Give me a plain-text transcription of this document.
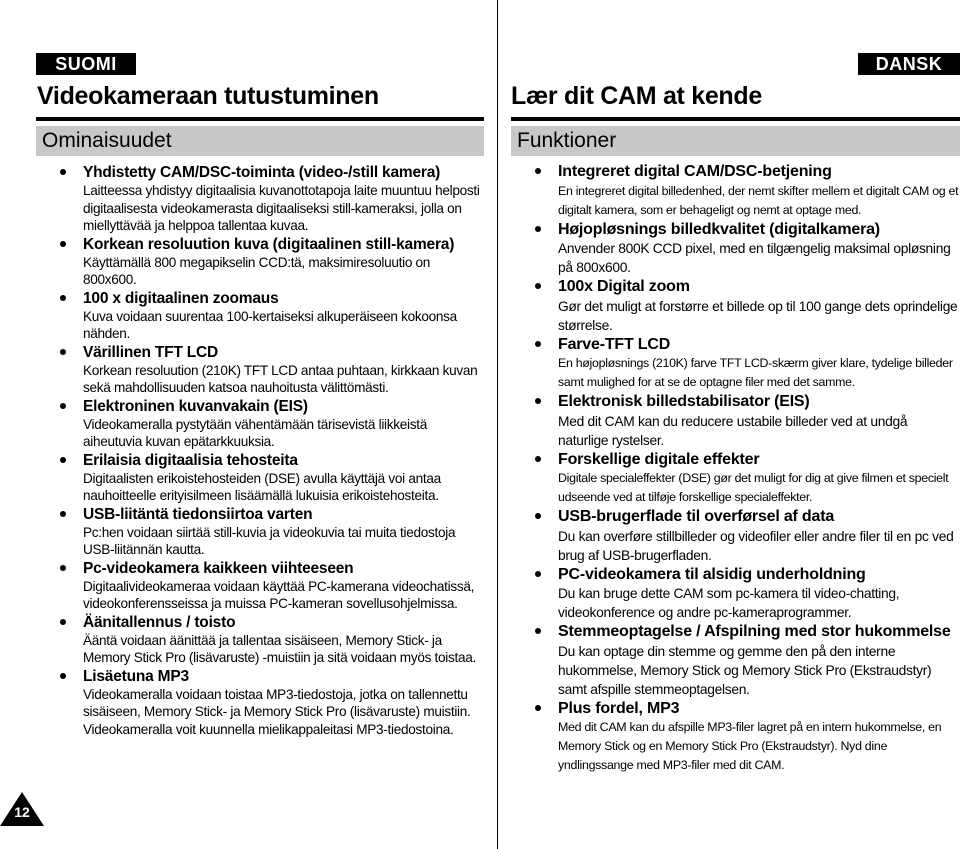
SUOMI
Videokameraan tutustuminen
Ominaisuudet
Yhdistetty CAM/DSC-toiminta (video-/still kamera)
Laitteessa yhdistyy digitaalisia kuvanottotapoja laite muuntuu helposti digitaalisesta videokamerasta digitaaliseksi still-kameraksi, jolla on miellyttävää ja helppoa tallentaa kuvaa.
Korkean resoluution kuva (digitaalinen still-kamera)
Käyttämällä 800 megapikselin CCD:tä, maksimiresoluutio on 800x600.
100 x digitaalinen zoomaus
Kuva voidaan suurentaa 100-kertaiseksi alkuperäiseen kokoonsa nähden.
Värillinen TFT LCD
Korkean resoluution (210K) TFT LCD antaa puhtaan, kirkkaan kuvan sekä mahdollisuuden katsoa nauhoitusta välittömästi.
Elektroninen kuvanvakain (EIS)
Videokameralla pystytään vähentämään tärisevistä liikkeistä aiheutuvia kuvan epätarkkuuksia.
Erilaisia digitaalisia tehosteita
Digitaalisten erikoistehosteiden (DSE) avulla käyttäjä voi antaa nauhoitteelle erityisilmeen lisäämällä lukuisia erikoistehosteita.
USB-liitäntä tiedonsiirtoa varten
Pc:hen voidaan siirtää still-kuvia ja videokuvia tai muita tiedostoja USB-liitännän kautta.
Pc-videokamera kaikkeen viihteeseen
Digitaalivideokameraa voidaan käyttää PC-kamerana videochatissä, videokonferensseissa ja muissa PC-kameran sovellusohjelmissa.
Äänitallennus / toisto
Ääntä voidaan äänittää ja tallentaa sisäiseen, Memory Stick- ja Memory Stick Pro (lisävaruste) -muistiin ja sitä voidaan myös toistaa.
Lisäetuna MP3
Videokameralla voidaan toistaa MP3-tiedostoja, jotka on tallennettu sisäiseen, Memory Stick- ja Memory Stick Pro (lisävaruste) muistiin.
Videokameralla voit kuunnella mielikappaleitasi MP3-tiedostoina.
DANSK
Lær dit CAM at kende
Funktioner
Integreret digital CAM/DSC-betjening
En integreret digital billedenhed, der nemt skifter mellem et digitalt CAM og et digitalt kamera, som er behageligt og nemt at optage med.
Højopløsnings billedkvalitet (digitalkamera)
Anvender 800K CCD pixel, med en tilgængelig maksimal opløsning på 800x600.
100x Digital zoom
Gør det muligt at forstørre et billede op til 100 gange dets oprindelige størrelse.
Farve-TFT LCD
En højopløsnings (210K) farve TFT LCD-skærm giver klare, tydelige billeder samt mulighed for at se de optagne filer med det samme.
Elektronisk billedstabilisator (EIS)
Med dit CAM kan du reducere ustabile billeder ved at undgå naturlige rystelser.
Forskellige digitale effekter
Digitale specialeffekter (DSE) gør det muligt for dig at give filmen et specielt udseende ved at tilføje forskellige specialeffekter.
USB-brugerflade til overførsel af data
Du kan overføre stillbilleder og videofiler eller andre filer til en pc ved brug af USB-brugerfladen.
PC-videokamera til alsidig underholdning
Du kan bruge dette CAM som pc-kamera til video-chatting, videokonference og andre pc-kameraprogrammer.
Stemmeoptagelse / Afspilning med stor hukommelse
Du kan optage din stemme og gemme den på den interne hukommelse, Memory Stick og Memory Stick Pro (Ekstraudstyr) samt afspille stemmeoptagelsen.
Plus fordel, MP3
Med dit CAM kan du afspille MP3-filer lagret på en intern hukommelse, en Memory Stick og en Memory Stick Pro (Ekstraudstyr). Nyd dine yndlingssange med MP3-filer med dit CAM.
12
